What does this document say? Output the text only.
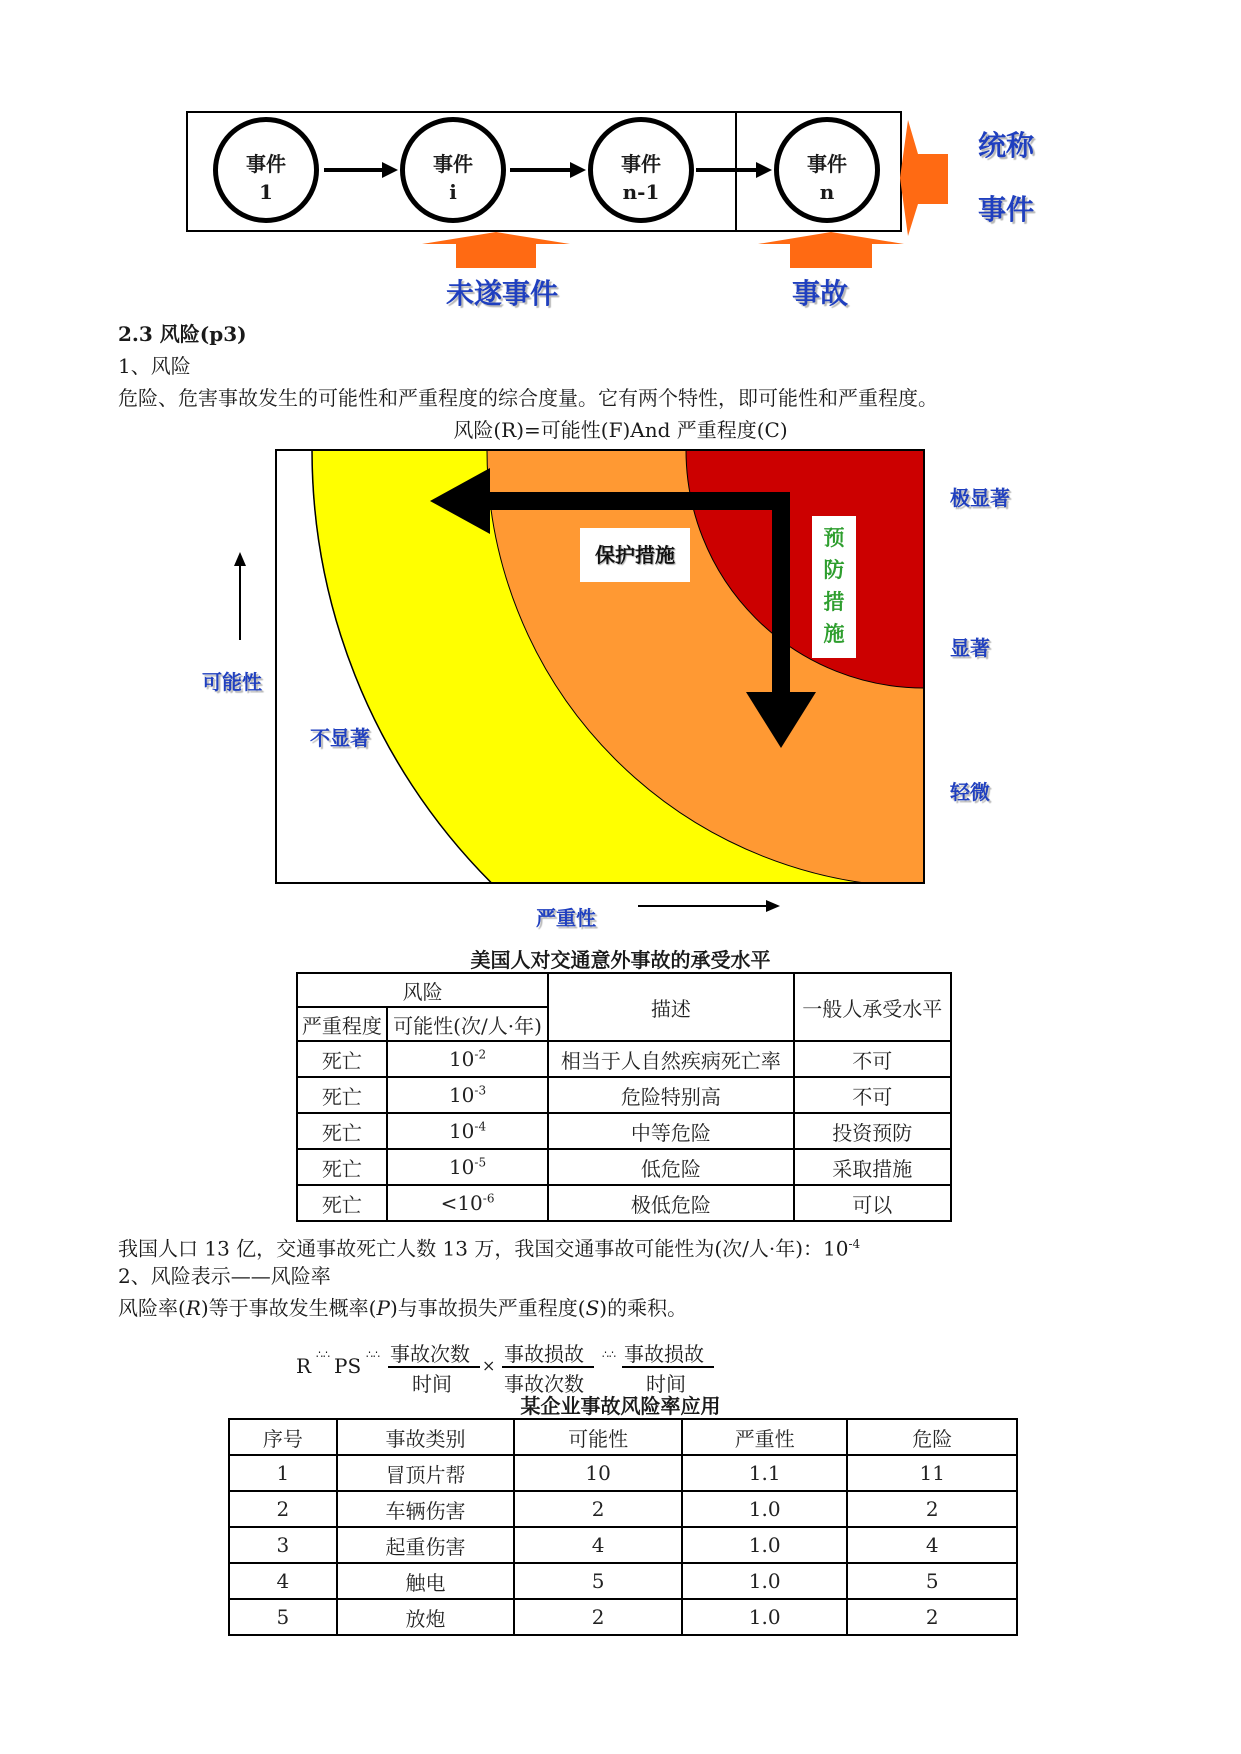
事件
1
事件
i
事件
n-1
事件
n
未遂事件	事故
统称
事件
2.3 风险(p3)
1、风险
危险、危害事故发生的可能性和严重程度的综合度量。它有两个特性，即可能性和严重程度。
风险(R)=可能性(F)And 严重程度(C)
保护措施
预
防
措
施
可能性
严重性
不显著
极显著
显著
轻微
美国人对交通意外事故的承受水平
风险		描述	一般人承受水平
严重程度	可能性(次/人·年)		
死亡	$10^{-2}$	相当于人自然疾病死亡率	不可
死亡	$10^{-3}$	危险特别高	不可
死亡	$10^{-4}$	中等危险	投资预防
死亡	$10^{-5}$	低危险	采取措施
死亡	$<10^{-6}$	极低危险	可以
我国人口 13 亿，交通事故死亡人数 13 万，我国交通事故可能性为(次/人·年)：$10^{-4}$
2、风险表示——风险率
风险率(R)等于事故发生概率(P)与事故损失严重程度(S)的乘积。
R ∴∴ PS ∴∴ 事故次数
时间
× 事故损故
事故次数
∴∴ 事故损故
时间
某企业事故风险率应用
序号	事故类别	可能性	严重性	危险
1	冒顶片帮	10	1.1	11
2	车辆伤害	2	1.0	2
3	起重伤害	4	1.0	4
4	触电	5	1.0	5
5	放炮	2	1.0	2
